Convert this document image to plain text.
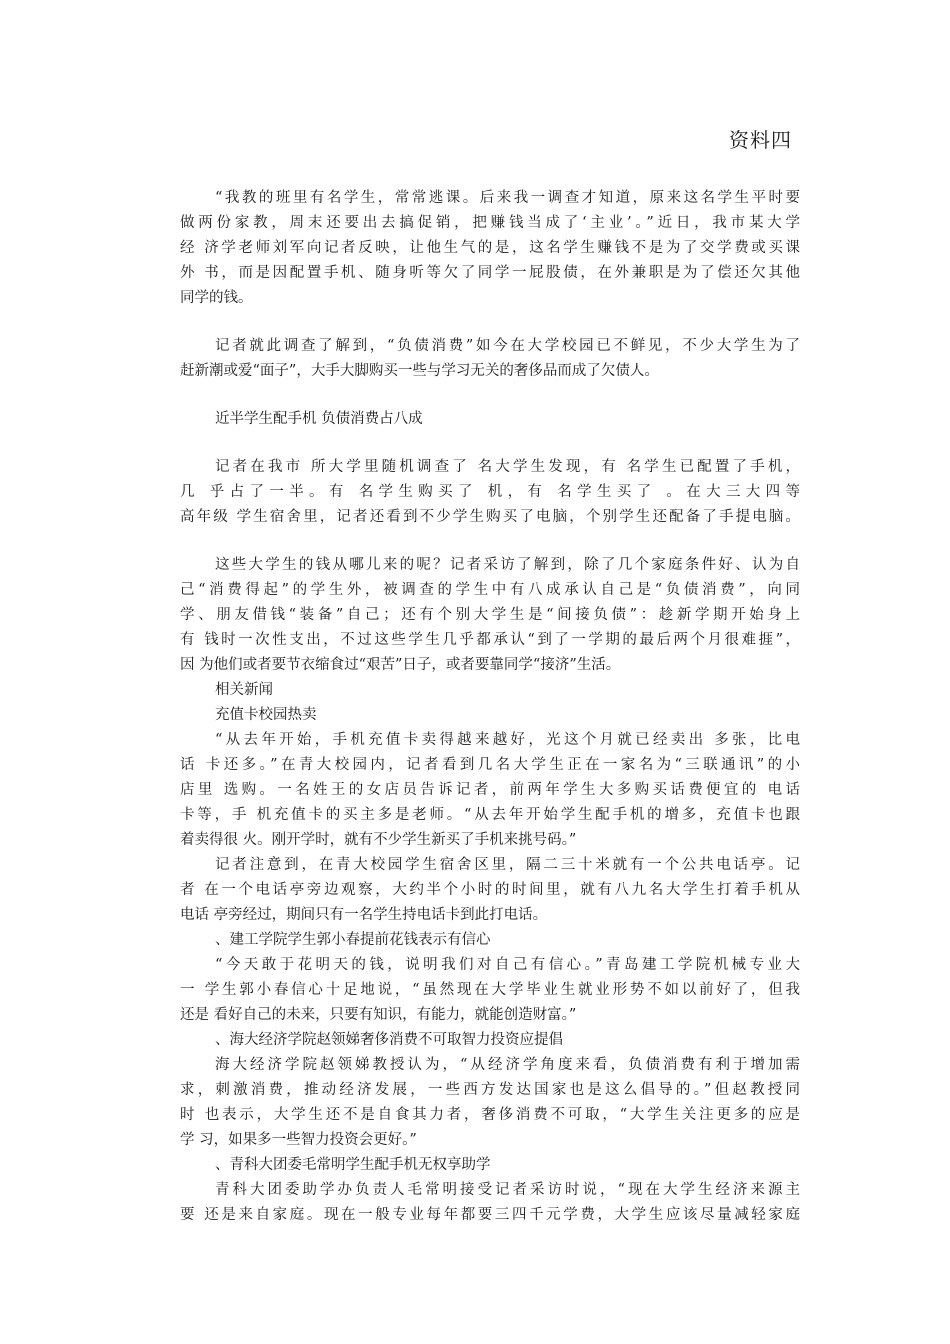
资料四
“我教的班里有名学生，常常逃课。后来我一调查才知道，原来这名学生平时要
做两份家教，周末还要出去搞促销，把赚钱当成了‘主业’。”近日，我市某大学
经 济学老师刘军向记者反映，让他生气的是，这名学生赚钱不是为了交学费或买课
外 书，而是因配置手机、随身听等欠了同学一屁股债，在外兼职是为了偿还欠其他
同学的钱。
记者就此调查了解到，“负债消费”如今在大学校园已不鲜见，不少大学生为了
赶新潮或爱“面子”，大手大脚购买一些与学习无关的奢侈品而成了欠债人。
近半学生配手机 负债消费占八成
记者在我市 所大学里随机调查了 名大学生发现，有 名学生已配置了手机，
几 乎占了一半。有 名学生购买了 机，有 名学生买了 。在大三大四等
高年级 学生宿舍里，记者还看到不少学生购买了电脑，个别学生还配备了手提电脑。
这些大学生的钱从哪儿来的呢？记者采访了解到，除了几个家庭条件好、认为自
己“消费得起”的学生外，被调查的学生中有八成承认自己是“负债消费”，向同
学、朋友借钱“装备”自己；还有个别大学生是“间接负债”：趁新学期开始身上
有 钱时一次性支出，不过这些学生几乎都承认“到了一学期的最后两个月很难捱”，
因 为他们或者要节衣缩食过“艰苦”日子，或者要靠同学“接济”生活。
相关新闻
充值卡校园热卖
“从去年开始，手机充值卡卖得越来越好，光这个月就已经卖出 多张，比电
话 卡还多。”在青大校园内，记者看到几名大学生正在一家名为“三联通讯”的小
店里 选购。一名姓王的女店员告诉记者，前两年学生大多购买话费便宜的 电话
卡等，手 机充值卡的买主多是老师。“从去年开始学生配手机的增多，充值卡也跟
着卖得很 火。刚开学时，就有不少学生新买了手机来挑号码。”
记者注意到，在青大校园学生宿舍区里，隔二三十米就有一个公共电话亭。记
者 在一个电话亭旁边观察，大约半个小时的时间里，就有八九名大学生打着手机从
电话 亭旁经过，期间只有一名学生持电话卡到此打电话。
、建工学院学生郭小春提前花钱表示有信心
“今天敢于花明天的钱，说明我们对自己有信心。”青岛建工学院机械专业大
一 学生郭小春信心十足地说，“虽然现在大学毕业生就业形势不如以前好了，但我
还是 看好自己的未来，只要有知识，有能力，就能创造财富。”
、海大经济学院赵领娣奢侈消费不可取智力投资应提倡
海大经济学院赵领娣教授认为，“从经济学角度来看，负债消费有利于增加需
求，刺激消费，推动经济发展，一些西方发达国家也是这么倡导的。”但赵教授同
时 也表示，大学生还不是自食其力者，奢侈消费不可取，“大学生关注更多的应是
学 习，如果多一些智力投资会更好。”
、青科大团委毛常明学生配手机无权享助学
青科大团委助学办负责人毛常明接受记者采访时说，“现在大学生经济来源主
要 还是来自家庭。现在一般专业每年都要三四千元学费，大学生应该尽量减轻家庭
